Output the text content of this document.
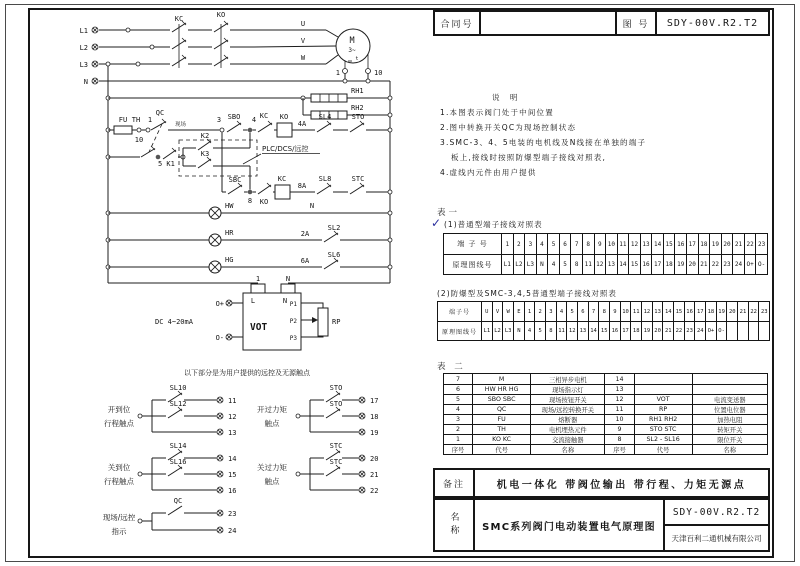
L1
L2
L3
N
KC	KO
U
V
W
M
3~
t
1	10
RH1
RH2
FU
10
TH 1
QC
现场
3 SBO 4 KC KO
4A
SL4	STO
5 K1
K2
K3
PLC/DCS/远控
SBC
8 KO
KC
8A
SL8	STC
HW	N
HR	2A
SL2
HG	6A
SL6
1	N
L	N
VOT
P1
P2
P3
RP
O+
O-
DC 4~20mA
以下部分是为用户提供的远控及无源触点
开到位
行程触点
SL10
11
SL12
12
13
关到位
行程触点
SL14
14
SL16
15
16
现场/远控
指示
QC
23
24
开过力矩
触点
STO
17
STO
18
19
关过力矩
触点
STC
20
STC
21
22
合同号	图 号	SDY-00V.R2.T2
说 明
1.本图表示阀门处于中间位置
2.图中转换开关QC为现场控制状态
3.SMC-3、4、5电装的电机线及N线接在单独的端子
板上,接线时按照防爆型端子接线对照表,
4.虚线内元件由用户提供
表一
✓ (1)普通型端子接线对照表
端 子 号	1	2	3	4	5	6	7	8	9	10 11 12 13 14 15 16 17 18 19 20 21 22 23
原理图线号	L1 L2 L3	N	4	5	8	11 12 13 14 15 16 17 18 19 20 21 22 23 24 O+ O-
(2)防爆型及SMC-3,4,5普通型端子接线对照表
端子号	U	V	W	E	1	2	3	4	5	6	7	8	9	10 11 12 13 14 15 16 17 18 19 20 21 22 23
原理图线号	L1 L2 L3	N	4	5	8	11 12 13 14 15 16 17 18 19 20 21 22 23 24 O+ O-
表 二
7	M	三相异步电机	14
6	HW HR HG	现场指示灯	13
5	SBO SBC	现场按钮开关	12	VOT	电流变送器
4	QC	现场/远控转换开关	11	RP	位置电位器
3	FU	熔断器	10	RH1 RH2	加热电阻
2	TH	电机埋热元件	9	STO STC	转矩开关
1	KO KC	交流接触器	8	SL2 - SL16	限位开关
序号	代号	名称	序号	代号	名称
备注	机电一体化 带阀位输出 带行程、力矩无源点
名称	SMC系列阀门电动装置电气原理图
SDY-00V.R2.T2
天津百利二通机械有限公司
